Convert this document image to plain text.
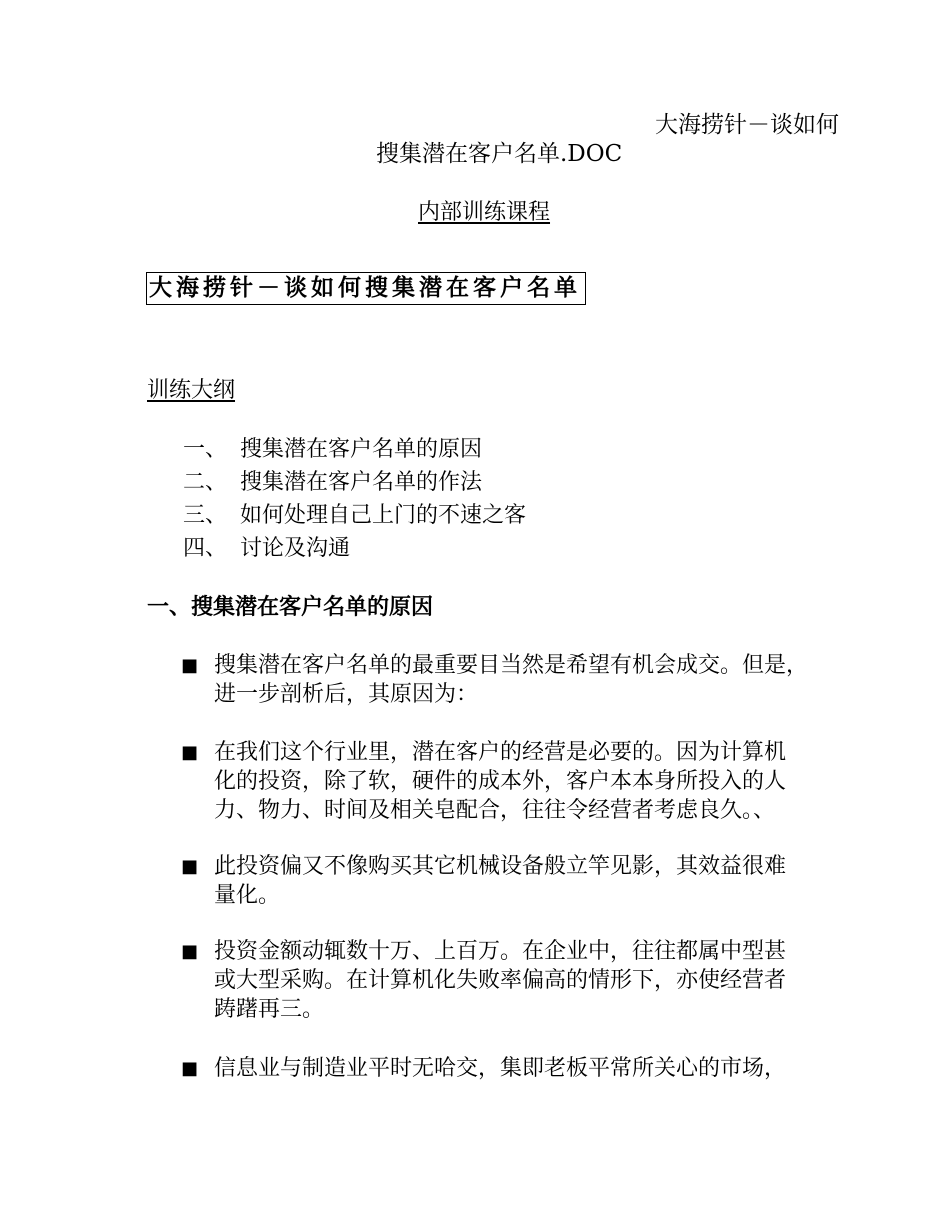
大海捞针－谈如何
搜集潜在客户名单.DOC
内部训练课程
大海捞针－谈如何搜集潜在客户名单
训练大纲
一、 搜集潜在客户名单的原因
二、 搜集潜在客户名单的作法
三、 如何处理自己上门的不速之客
四、 讨论及沟通
一、搜集潜在客户名单的原因
■ 搜集潜在客户名单的最重要目当然是希望有机会成交。但是，
进一步剖析后，其原因为：
■ 在我们这个行业里，潜在客户的经营是必要的。因为计算机
化的投资，除了软，硬件的成本外，客户本本身所投入的人
力、物力、时间及相关皂配合，往往令经营者考虑良久。、
■ 此投资偏又不像购买其它机械设备般立竿见影，其效益很难
量化。
■ 投资金额动辄数十万、上百万。在企业中，往往都属中型甚
或大型采购。在计算机化失败率偏高的情形下，亦使经营者
踌躇再三。
■ 信息业与制造业平时无哈交，集即老板平常所关心的市场，
